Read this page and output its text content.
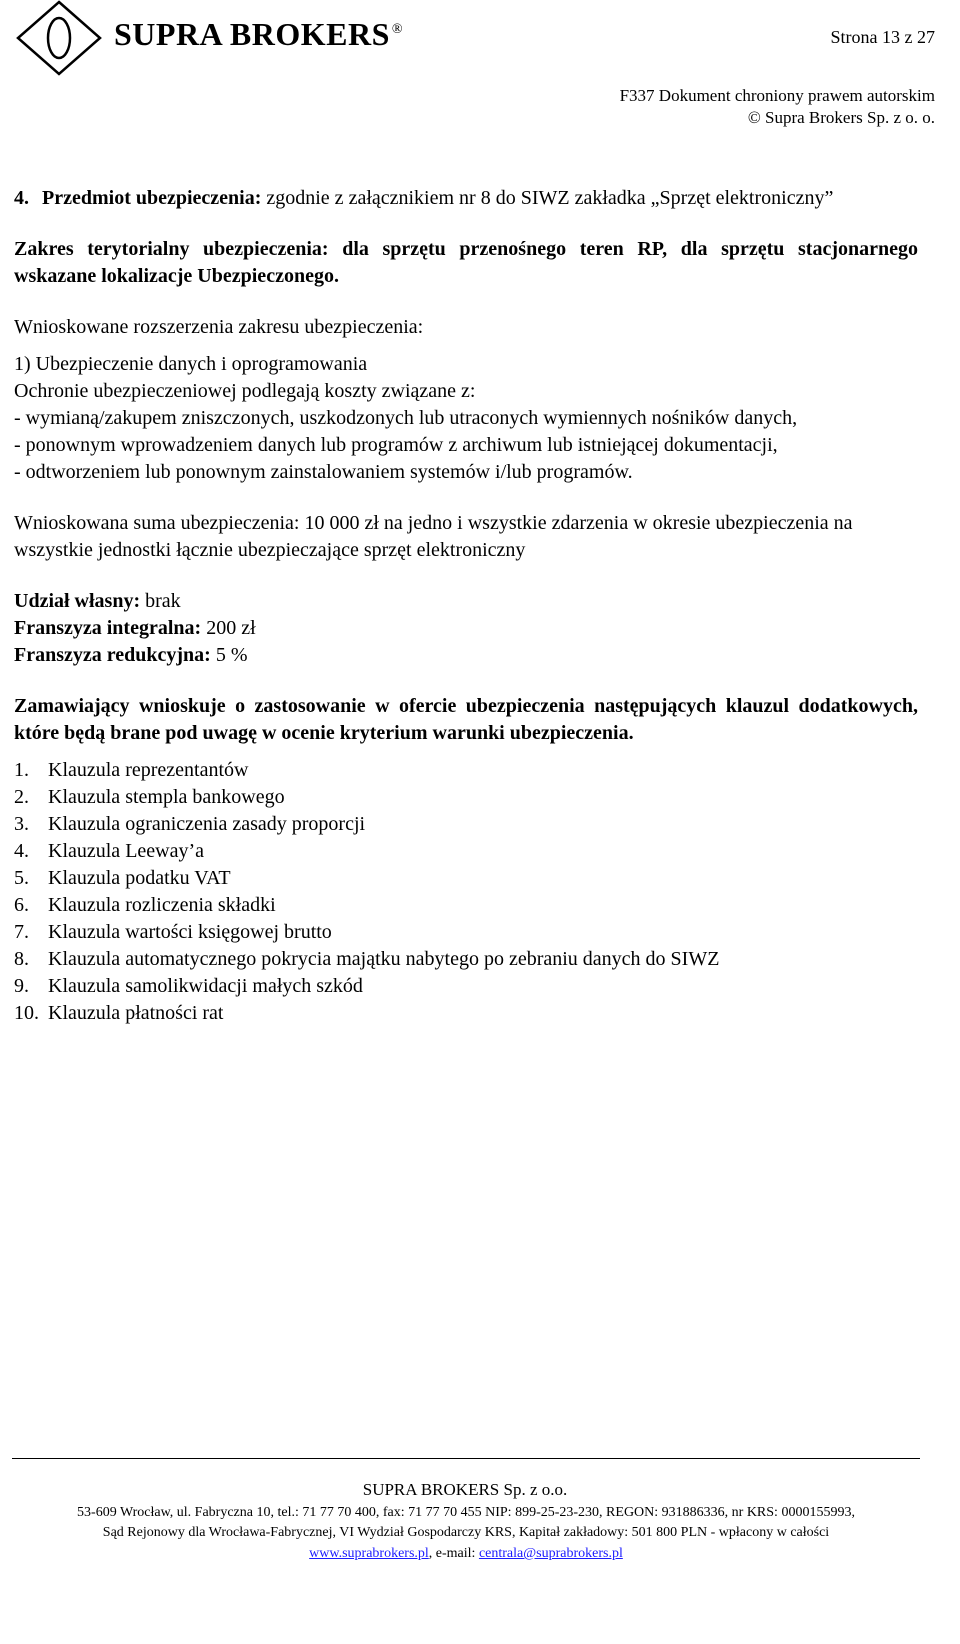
SUPRA BROKERS ®	Strona 13 z 27
F337 Dokument chroniony prawem autorskim
© Supra Brokers Sp. z o. o.

4. Przedmiot ubezpieczenia: zgodnie z załącznikiem nr 8 do SIWZ zakładka „Sprzęt elektroniczny”

Zakres terytorialny ubezpieczenia: dla sprzętu przenośnego teren RP, dla sprzętu stacjonarnego wskazane lokalizacje Ubezpieczonego.

Wnioskowane rozszerzenia zakresu ubezpieczenia:

1) Ubezpieczenie danych i oprogramowania

Ochronie ubezpieczeniowej podlegają koszty związane z:

- wymianą/zakupem zniszczonych, uszkodzonych lub utraconych wymiennych nośników danych,

- ponownym wprowadzeniem danych lub programów z archiwum lub istniejącej dokumentacji,

- odtworzeniem lub ponownym zainstalowaniem systemów i/lub programów.

Wnioskowana suma ubezpieczenia: 10 000 zł na jedno i wszystkie zdarzenia w okresie ubezpieczenia na wszystkie jednostki łącznie ubezpieczające sprzęt elektroniczny

Udział własny: brak

Franszyza integralna: 200 zł

Franszyza redukcyjna: 5 %

Zamawiający wnioskuje o zastosowanie w ofercie ubezpieczenia następujących klauzul dodatkowych, które będą brane pod uwagę w ocenie kryterium warunki ubezpieczenia.

1. Klauzula reprezentantów
2. Klauzula stempla bankowego
3. Klauzula ograniczenia zasady proporcji
4. Klauzula Leeway’a
5. Klauzula podatku VAT
6. Klauzula rozliczenia składki
7. Klauzula wartości księgowej brutto
8. Klauzula automatycznego pokrycia majątku nabytego po zebraniu danych do SIWZ
9. Klauzula samolikwidacji małych szkód
10. Klauzula płatności rat
SUPRA BROKERS Sp. z o.o.
53-609 Wrocław, ul. Fabryczna 10, tel.: 71 77 70 400, fax: 71 77 70 455 NIP: 899-25-23-230, REGON: 931886336, nr KRS: 0000155993,
Sąd Rejonowy dla Wrocława-Fabrycznej, VI Wydział Gospodarczy KRS, Kapitał zakładowy: 501 800 PLN - wpłacony w całości
www.suprabrokers.pl, e-mail: centrala@suprabrokers.pl
